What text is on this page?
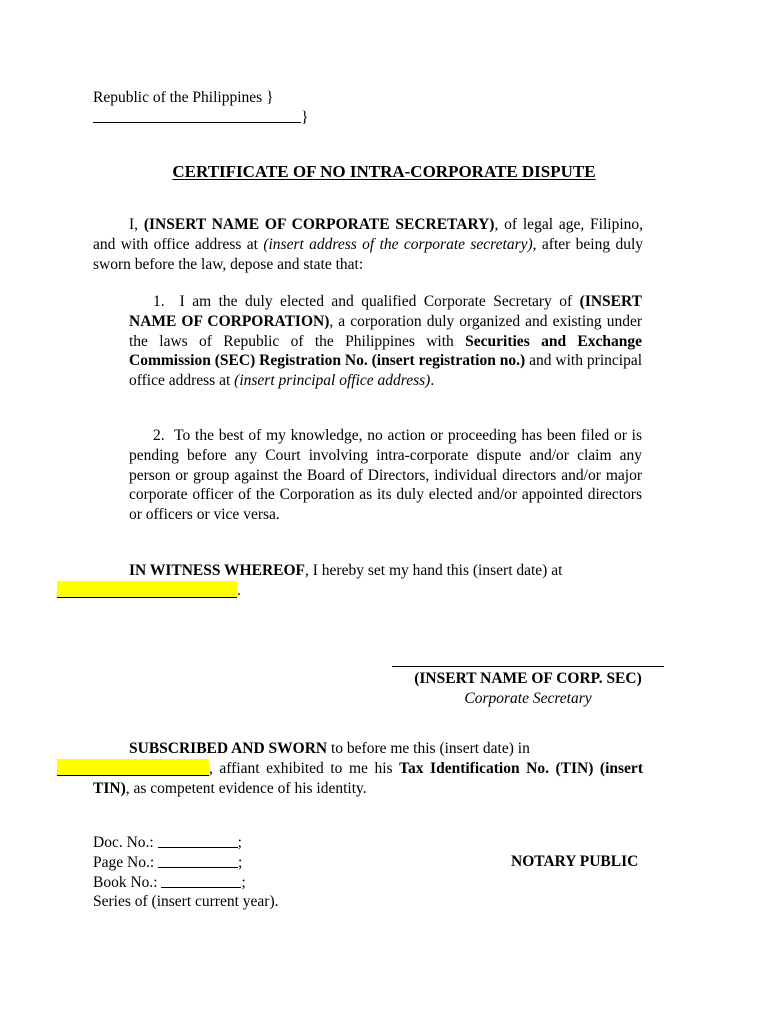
Republic of the Philippines }
}
CERTIFICATE OF NO INTRA-CORPORATE DISPUTE

I, (INSERT NAME OF CORPORATE SECRETARY), of legal age, Filipino, and with office address at (insert address of the corporate secretary), after being duly sworn before the law, depose and state that:

1. I am the duly elected and qualified Corporate Secretary of (INSERT NAME OF CORPORATION), a corporation duly organized and existing under the laws of Republic of the Philippines with Securities and Exchange Commission (SEC) Registration No. (insert registration no.) and with principal office address at (insert principal office address).

2. To the best of my knowledge, no action or proceeding has been filed or is pending before any Court involving intra-corporate dispute and/or claim any person or group against the Board of Directors, individual directors and/or major corporate officer of the Corporation as its duly elected and/or appointed directors or officers or vice versa.

IN WITNESS WHEREOF, I hereby set my hand this (insert date) at
.

(INSERT NAME OF CORP. SEC)
Corporate Secretary

SUBSCRIBED AND SWORN to before me this (insert date) in
, affiant exhibited to me his Tax Identification No. (TIN) (insert TIN), as competent evidence of his identity.

Doc. No.:	;
Page No.:	;
Book No.:	;
Series of (insert current year).
NOTARY PUBLIC
